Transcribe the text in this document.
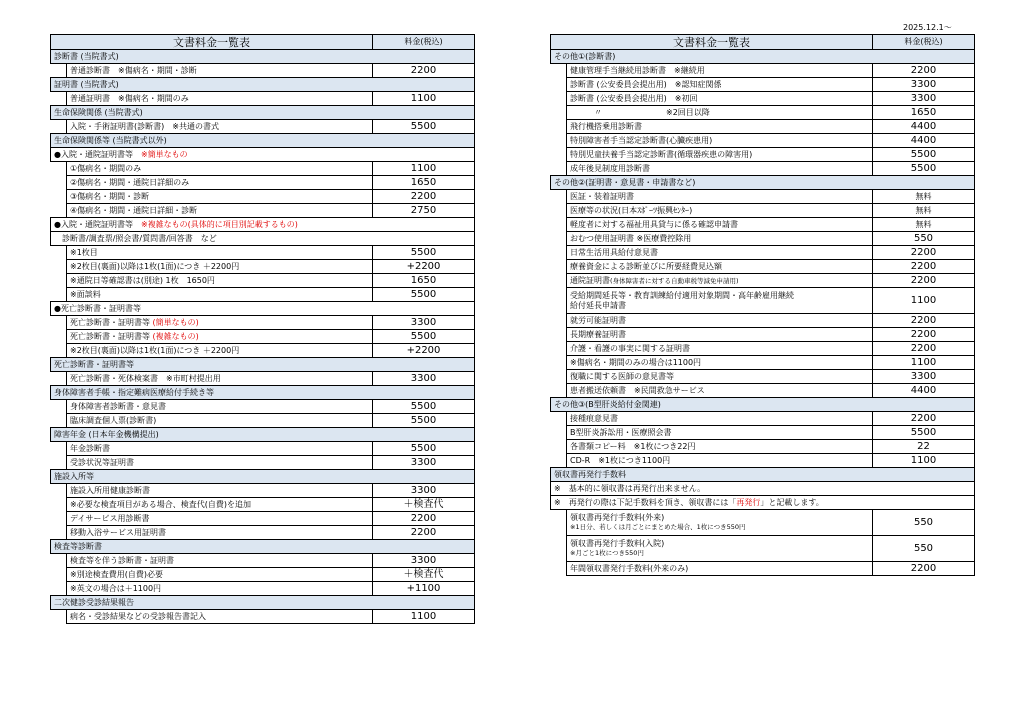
2025.12.1～
文書料金一覧表		料金(税込)
診断書 (当院書式)		
	普通診断書　※傷病名・期間・診断	2200
証明書 (当院書式)		
	普通証明書　※傷病名・期間のみ	1100
生命保険関係 (当院書式)		
	入院・手術証明書(診断書)　※共通の書式	5500
生命保険関係等 (当院書式以外)		
●入院・通院証明書等　※簡単なもの		
	①傷病名・期間のみ	1100
	②傷病名・期間・通院日詳細のみ	1650
	③傷病名・期間・診断	2200
	④傷病名・期間・通院日詳細・診断	2750
●入院・通院証明書等　※複雑なもの(具体的に項目別記載するもの)		
　診断書/調査票/照会書/質問書/回答書　など		
	※1枚目	5500
	※2枚目(裏面)以降は1枚(1面)につき ＋2200円	+2200
	※通院日等確認書は(別途) 1枚　1650円	1650
	※面談料	5500
●死亡診断書・証明書等		
	死亡診断書・証明書等 (簡単なもの)	3300
	死亡診断書・証明書等 (複雑なもの)	5500
	※2枚目(裏面)以降は1枚(1面)につき ＋2200円	+2200
死亡診断書・証明書等		
	死亡診断書・死体検案書　※市町村提出用	3300
身体障害者手帳・指定難病医療給付手続き等		
	身体障害者診断書・意見書	5500
	臨床調査個人票(診断書)	5500
障害年金 (日本年金機構提出)		
	年金診断書	5500
	受診状況等証明書	3300
施設入所等		
	施設入所用健康診断書	3300
	※必要な検査項目がある場合、検査代(自費)を追加	＋検査代
	デイサービス用診断書	2200
	移動入浴サービス用証明書	2200
検査等診断書		
	検査等を伴う診断書・証明書	3300
	※別途検査費用(自費)必要	＋検査代
	※英文の場合は＋1100円	+1100
二次健診受診結果報告		
	病名・受診結果などの受診報告書記入	1100
文書料金一覧表		料金(税込)
その他①(診断書)		
	健康管理手当継続用診断書　※継続用	2200
	診断書 (公安委員会提出用)　※認知症関係	3300
	診断書 (公安委員会提出用)　※初回	3300
	　　　〃　　　　　　　　※2回目以降	1650
	飛行機搭乗用診断書	4400
	特別障害者手当認定診断書(心臓疾患用)	4400
	特別児童扶養手当認定診断書(循環器疾患の障害用)	5500
	成年後見制度用診断書	5500
その他②(証明書・意見書・申請書など)		
	医証・装着証明書	無料
	医療等の状況(日本ｽﾎﾟｰﾂ振興ｾﾝﾀｰ)	無料
	軽度者に対する福祉用具貸与に係る確認申請書	無料
	おむつ使用証明書 ※医療費控除用	550
	日常生活用具給付意見書	2200
	療養資金による診断並びに所要経費見込額	2200
	通院証明書(身体障害者に対する自動車税等減免申請用)	2200

	受給期間延長等・教育訓練給付適用対象期間・高年齢雇用継続
給付延長申請書	1100
	就労可能証明書	2200
	長期療養証明書	2200
	介護・看護の事実に関する証明書	2200
	※傷病名・期間のみの場合は1100円	1100
	復職に関する医師の意見書等	3300
	患者搬送依頼書　※民間救急サービス	4400
その他③(B型肝炎給付金関連)		
	接種痕意見書	2200
	B型肝炎訴訟用・医療照会書	5500
	各書類コピー料　※1枚につき22円	22
	CD-R　※1枚につき1100円	1100
領収書再発行手数料		
※　基本的に領収書は再発行出来ません。		
※　再発行の際は下記手数料を頂き、領収書には「再発行」と記載します。		

	領収書再発行手数料(外来)
※1日分、若しくは月ごとにまとめた場合、1枚につき550円	550

	領収書再発行手数料(入院)
※月ごと1枚につき550円	550
	年間領収書発行手数料(外来のみ)	2200
